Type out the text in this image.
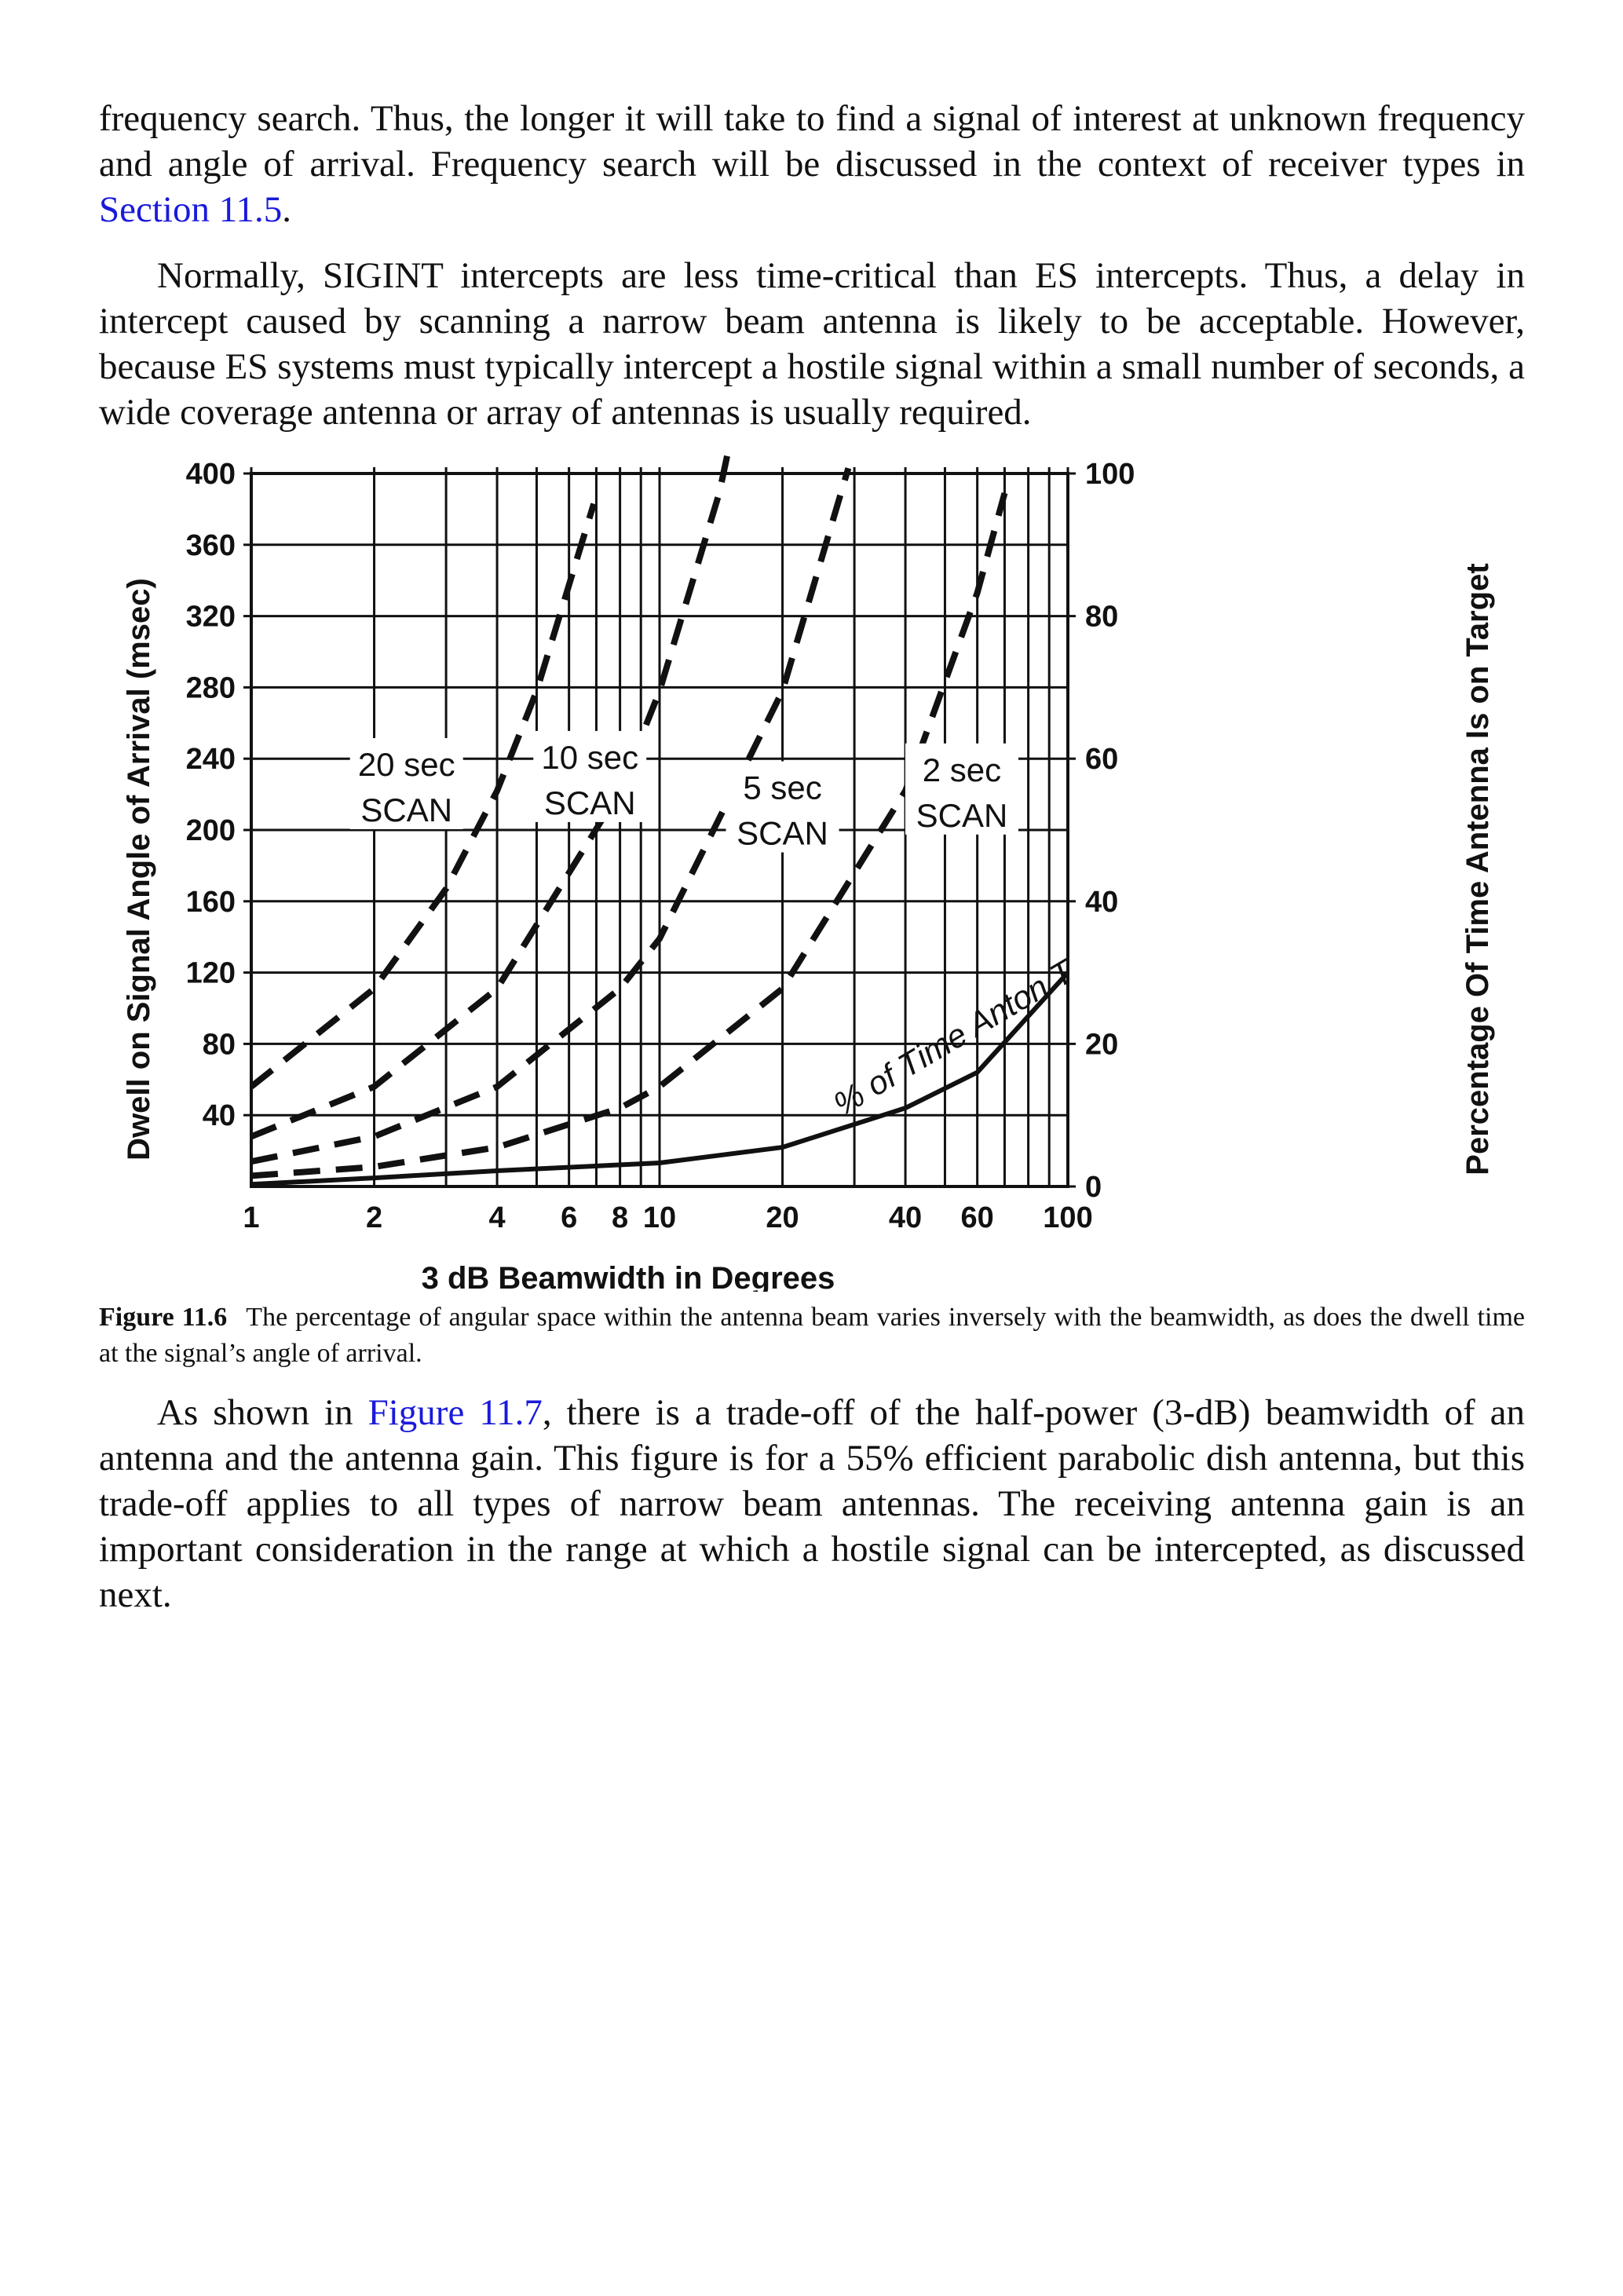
frequency search. Thus, the longer it will take to find a signal of interest at unknown frequency and angle of arrival. Frequency search will be discussed in the context of receiver types in Section 11.5.

Normally, SIGINT intercepts are less time-critical than ES intercepts. Thus, a delay in intercept caused by scanning a narrow beam antenna is likely to be acceptable. However, because ES systems must typically intercept a hostile signal within a small number of seconds, a wide coverage antenna or array of antennas is usually required.

40
80
120
160
200
240
280
320
360
400
0
20
40
60
80
100
1	2	4 6 8 10	20	40 60 100
3 dB Beamwidth in Degrees
Dwell on Signal Angle of Arrival (msec)	Percentage Of Time Antenna Is on Target
20 sec
SCAN
10 sec
SCAN	5 sec
SCAN
2 sec
SCAN
% of Time Anton T

Figure 11.6 The percentage of angular space within the antenna beam varies inversely with the beamwidth, as does the dwell time at the signal’s angle of arrival.

As shown in Figure 11.7, there is a trade-off of the half-power (3-dB) beamwidth of an antenna and the antenna gain. This figure is for a 55% efficient parabolic dish antenna, but this trade-off applies to all types of narrow beam antennas. The receiving antenna gain is an important consideration in the range at which a hostile signal can be intercepted, as discussed next.
